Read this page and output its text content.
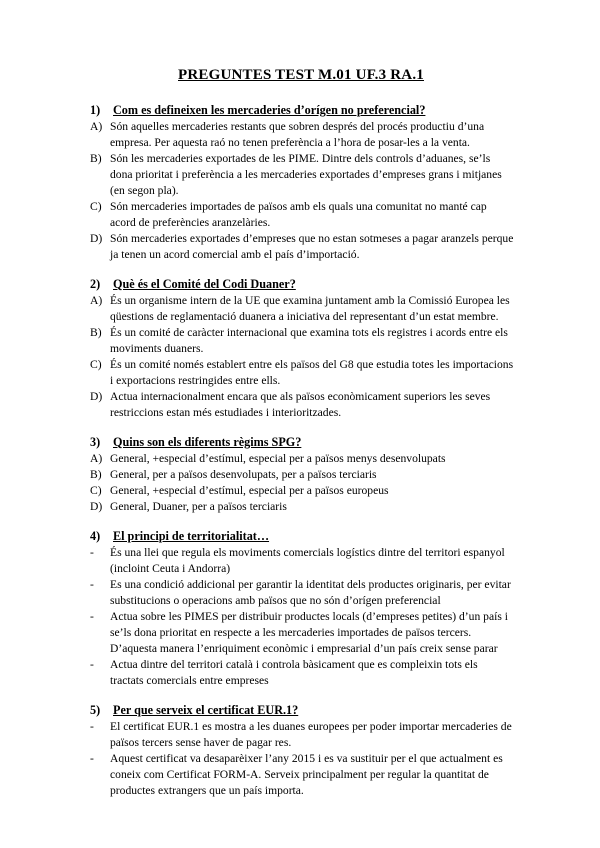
PREGUNTES TEST M.01 UF.3 RA.1
1)	Com es defineixen les mercaderies d’orígen no preferencial?
A) Són aquelles mercaderies restants que sobren després del procés productiu d’una empresa. Per aquesta raó no tenen preferència a l’hora de posar-les a la venta.
B) Són les mercaderies exportades de les PIME. Dintre dels controls d’aduanes, se’ls dona prioritat i preferència a les mercaderies exportades d’empreses grans i mitjanes (en segon pla).
C) Són mercaderies importades de països amb els quals una comunitat no manté cap acord de preferències aranzelàries.
D) Són mercaderies exportades d’empreses que no estan sotmeses a pagar aranzels perque ja tenen un acord comercial amb el país d’importació.
2)	Què és el Comité del Codi Duaner?
A) És un organisme intern de la UE que examina juntament amb la Comissió Europea les qüestions de reglamentació duanera a iniciativa del representant d’un estat membre.
B) És un comité de caràcter internacional que examina tots els registres i acords entre els moviments duaners.
C) És un comité només establert entre els països del G8 que estudia totes les importacions i exportacions restringides entre ells.
D) Actua internacionalment encara que als països econòmicament superiors les seves restriccions estan més estudiades i interioritzades.
3)	Quins son els diferents règims SPG?
A) General, +especial d’estímul, especial per a països menys desenvolupats
B) General, per a països desenvolupats, per a països terciaris
C) General, +especial d’estímul, especial per a països europeus
D) General, Duaner, per a països terciaris
4)	El principi de territorialitat…
-	És una llei que regula els moviments comercials logístics dintre del territori espanyol (incloint Ceuta i Andorra)
-	Es una condició addicional per garantir la identitat dels productes originaris, per evitar substitucions o operacions amb països que no són d’orígen preferencial
-	Actua sobre les PIMES per distribuir productes locals (d’empreses petites) d’un país i se’ls dona prioritat en respecte a les mercaderies importades de països tercers. D’aquesta manera l’enriquiment econòmic i empresarial d’un país creix sense parar
-	Actua dintre del territori català i controla bàsicament que es compleixin tots els tractats comercials entre empreses
5)	Per que serveix el certificat EUR.1?
-	El certificat EUR.1 es mostra a les duanes europees per poder importar mercaderies de països tercers sense haver de pagar res.
-	Aquest certificat va desaparèixer l’any 2015 i es va sustituir per el que actualment es coneix com Certificat FORM-A. Serveix principalment per regular la quantitat de productes extrangers que un país importa.
